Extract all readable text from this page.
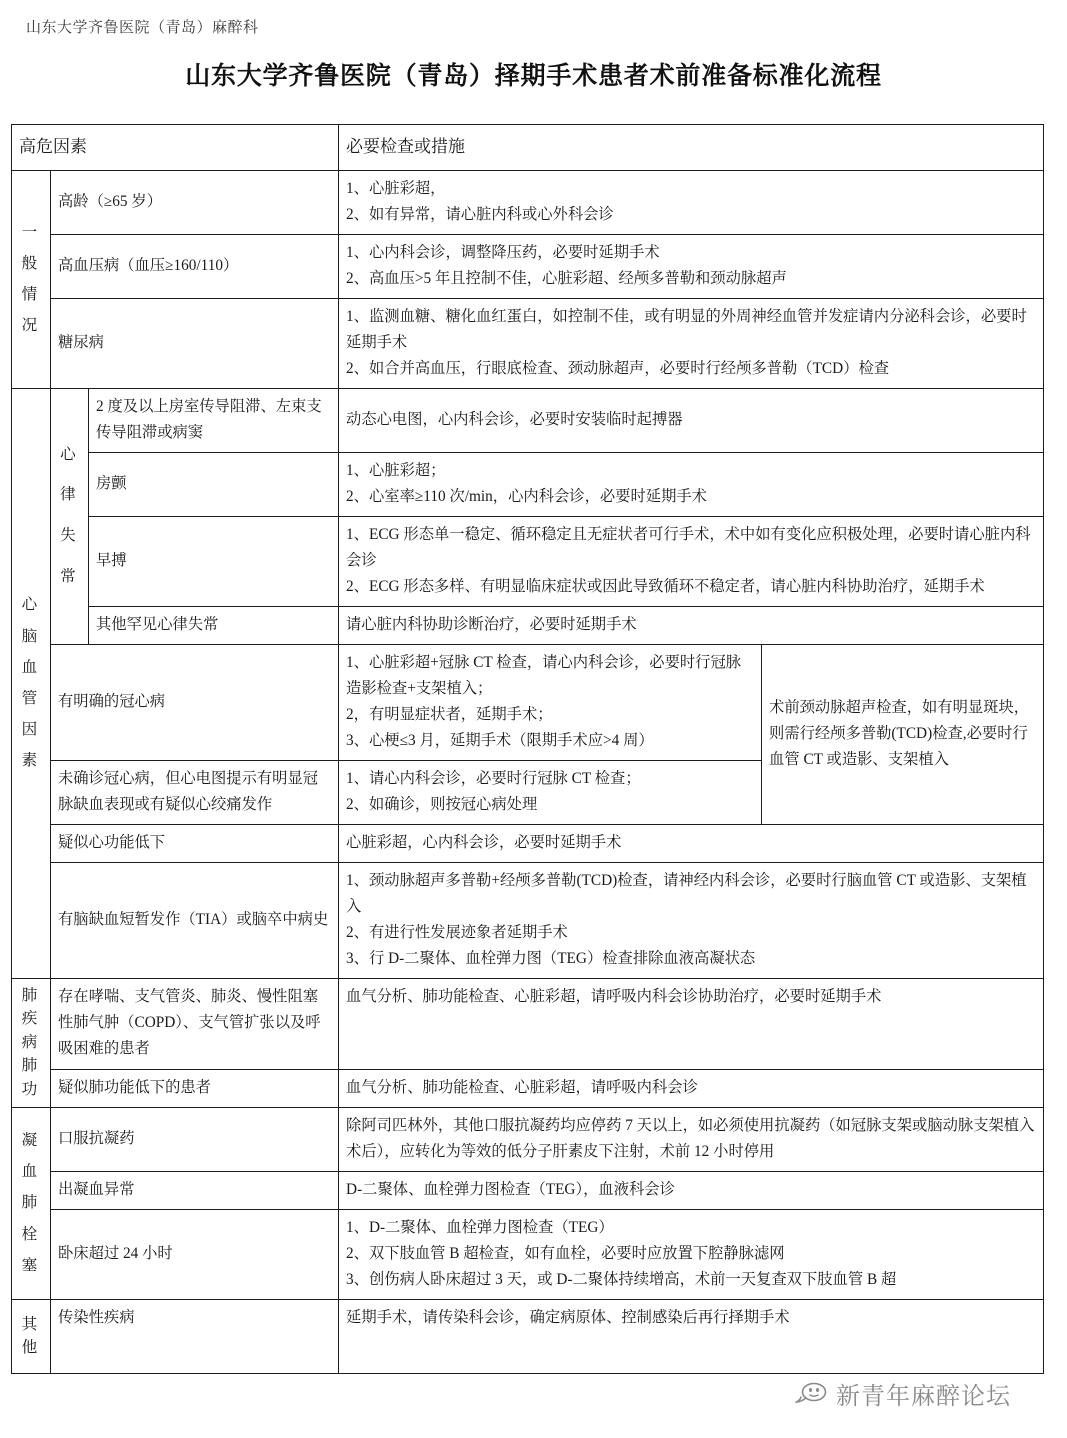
山东大学齐鲁医院（青岛）麻醉科
山东大学齐鲁医院（青岛）择期手术患者术前准备标准化流程
高危因素			必要检查或措施	

一般情况	高龄（≥65 岁）		1、心脏彩超，
2、如有异常，请心脏内科或心外科会诊	

	高血压病（血压≥160/110）		1、心内科会诊，调整降压药，必要时延期手术
2、高血压>5 年且控制不佳，心脏彩超、经颅多普勒和颈动脉超声	

	糖尿病		1、监测血糖、糖化血红蛋白，如控制不佳，或有明显的外周神经血管并发症请内分泌科会诊，必要时延期手术
2、如合并高血压，行眼底检查、颈动脉超声，必要时行经颅多普勒（TCD）检查	

心脑血管因素	心律失常	2 度及以上房室传导阻滞、左束支传导阻滞或病窦	动态心电图，心内科会诊，必要时安装临时起搏器	

		房颤	1、心脏彩超；
2、心室率≥110 次/min，心内科会诊，必要时延期手术	

		早搏	1、ECG 形态单一稳定、循环稳定且无症状者可行手术，术中如有变化应积极处理，必要时请心脏内科会诊
2、ECG 形态多样、有明显临床症状或因此导致循环不稳定者，请心脏内科协助治疗，延期手术	

		其他罕见心律失常	请心脏内科协助诊断治疗，必要时延期手术	

	有明确的冠心病		1、心脏彩超+冠脉 CT 检查，请心内科会诊，必要时行冠脉造影检查+支架植入；
2，有明显症状者，延期手术；
3、心梗≤3 月，延期手术（限期手术应>4 周）	术前颈动脉超声检查，如有明显斑块，则需行经颅多普勒(TCD)检查,必要时行血管 CT 或造影、支架植入
	未确诊冠心病，但心电图提示有明显冠脉缺血表现或有疑似心绞痛发作		1、请心内科会诊，必要时行冠脉 CT 检查；
2、如确诊，则按冠心病处理	

	疑似心功能低下		心脏彩超，心内科会诊，必要时延期手术	

	有脑缺血短暂发作（TIA）或脑卒中病史		1、颈动脉超声多普勒+经颅多普勒(TCD)检查，请神经内科会诊，必要时行脑血管 CT 或造影、支架植入
2、有进行性发展迹象者延期手术
3、行 D-二聚体、血栓弹力图（TEG）检查排除血液高凝状态	

肺疾病肺功	存在哮喘、支气管炎、肺炎、慢性阻塞性肺气肿（COPD）、支气管扩张以及呼吸困难的患者		血气分析、肺功能检查、心脏彩超，请呼吸内科会诊协助治疗，必要时延期手术	

	疑似肺功能低下的患者		血气分析、肺功能检查、心脏彩超，请呼吸内科会诊	

凝血肺栓塞	口服抗凝药		除阿司匹林外，其他口服抗凝药均应停药 7 天以上，如必须使用抗凝药（如冠脉支架或脑动脉支架植入术后），应转化为等效的低分子肝素皮下注射，术前 12 小时停用	

	出凝血异常		D-二聚体、血栓弹力图检查（TEG），血液科会诊	

	卧床超过 24 小时		1、D-二聚体、血栓弹力图检查（TEG）
2、双下肢血管 B 超检查，如有血栓，必要时应放置下腔静脉滤网
3、创伤病人卧床超过 3 天，或 D-二聚体持续增高，术前一天复查双下肢血管 B 超	

其他	传染性疾病		延期手术，请传染科会诊，确定病原体、控制感染后再行择期手术	
新青年麻醉论坛
